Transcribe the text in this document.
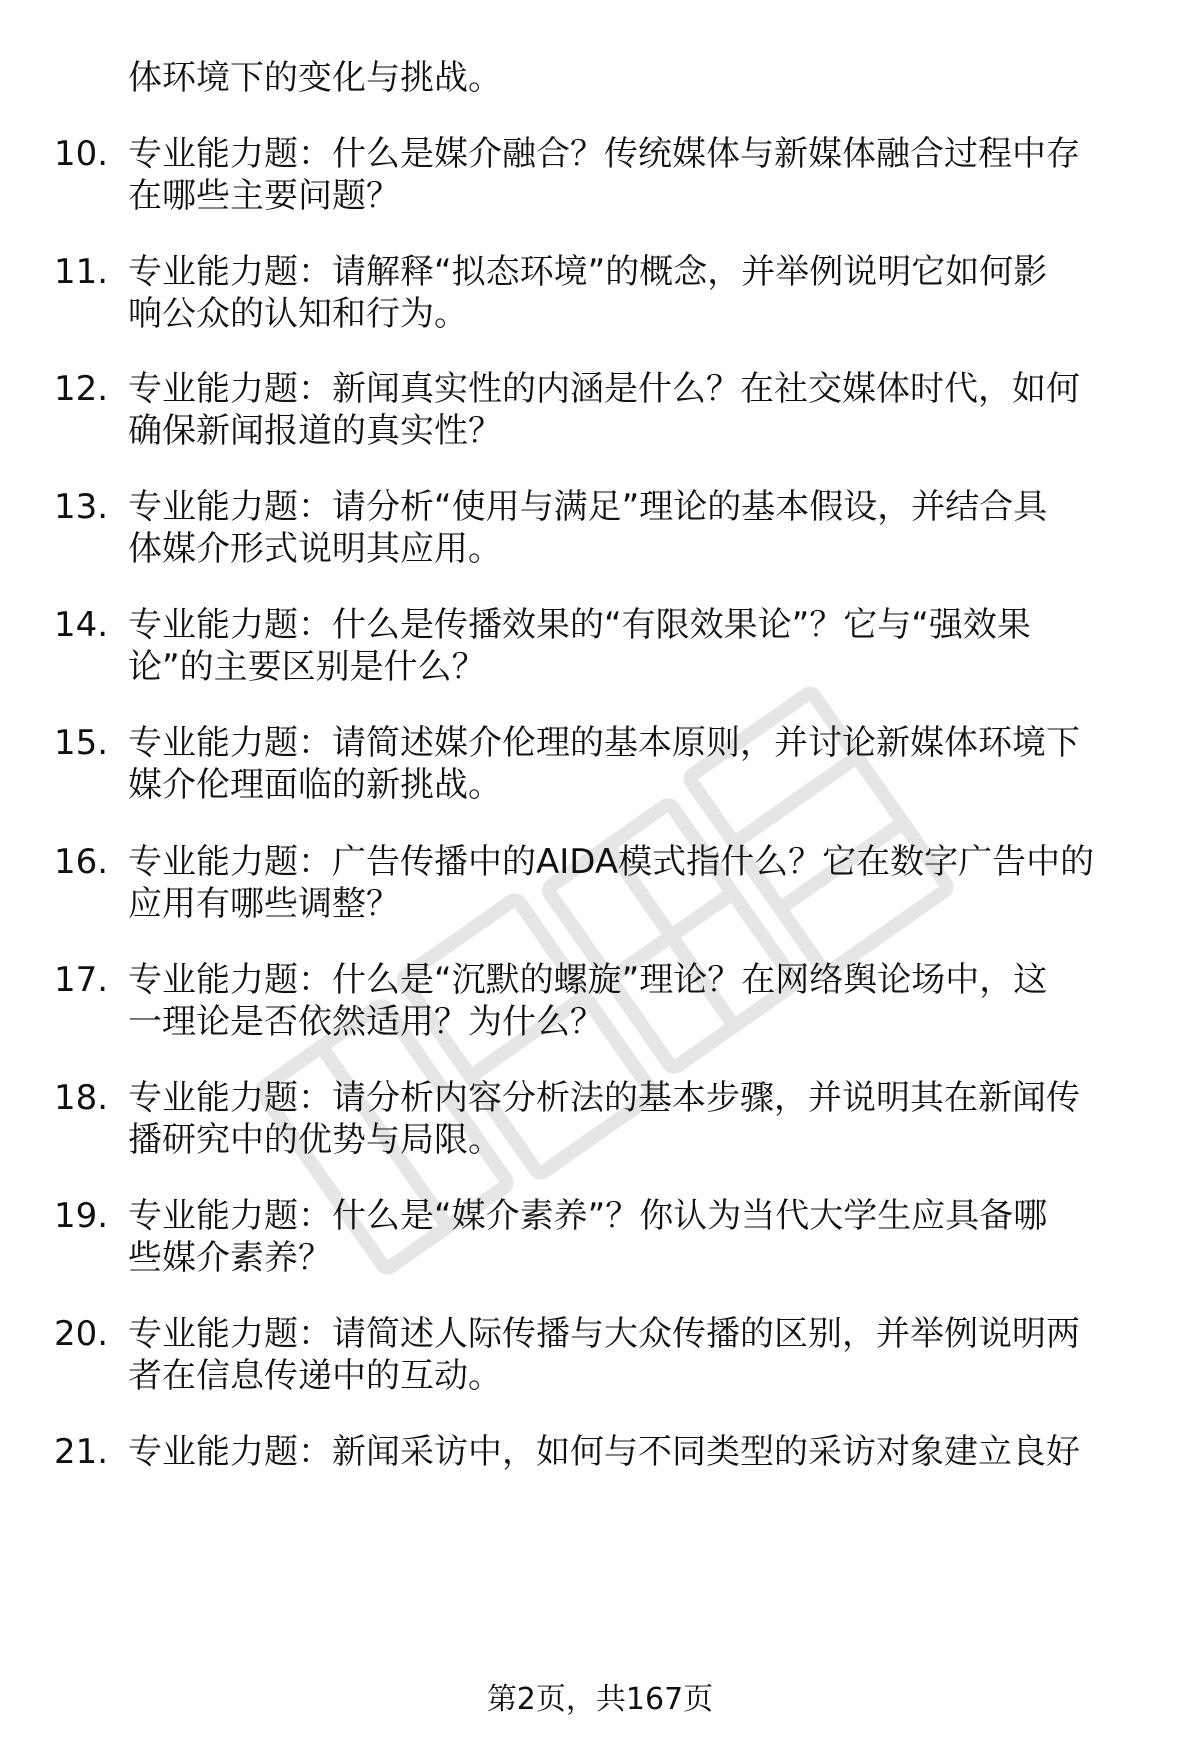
体环境下的变化与挑战。
10. 专业能力题：什么是媒介融合？传统媒体与新媒体融合过程中存
在哪些主要问题？
11. 专业能力题：请解释“拟态环境”的概念，并举例说明它如何影
响公众的认知和行为。
12. 专业能力题：新闻真实性的内涵是什么？在社交媒体时代，如何
确保新闻报道的真实性？
13. 专业能力题：请分析“使用与满足”理论的基本假设，并结合具
体媒介形式说明其应用。
14. 专业能力题：什么是传播效果的“有限效果论”？它与“强效果
论”的主要区别是什么？
15. 专业能力题：请简述媒介伦理的基本原则，并讨论新媒体环境下
媒介伦理面临的新挑战。
16. 专业能力题：广告传播中的AIDA模式指什么？它在数字广告中的
应用有哪些调整？
17. 专业能力题：什么是“沉默的螺旋”理论？在网络舆论场中，这
一理论是否依然适用？为什么？
18. 专业能力题：请分析内容分析法的基本步骤，并说明其在新闻传
播研究中的优势与局限。
19. 专业能力题：什么是“媒介素养”？你认为当代大学生应具备哪
些媒介素养？
20. 专业能力题：请简述人际传播与大众传播的区别，并举例说明两
者在信息传递中的互动。
21. 专业能力题：新闻采访中，如何与不同类型的采访对象建立良好
第2页，共167页
